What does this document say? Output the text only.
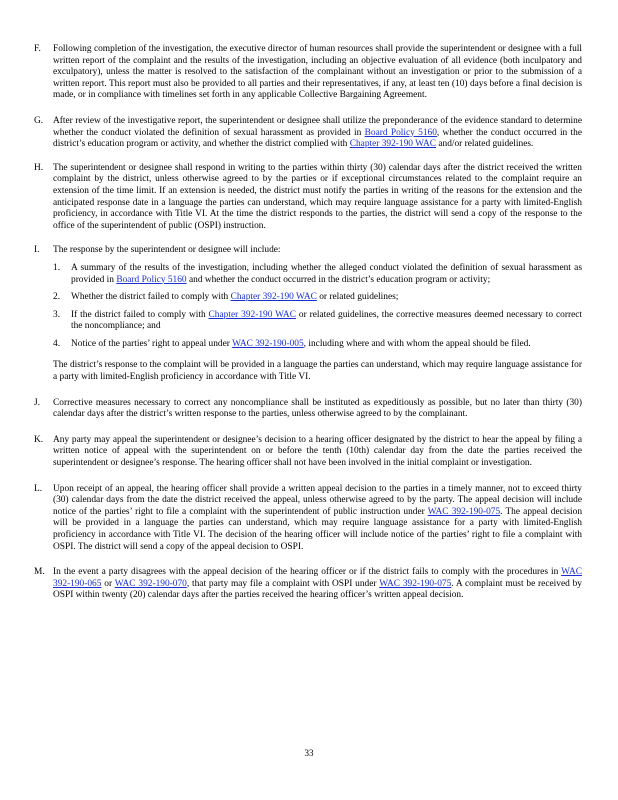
F.	Following completion of the investigation, the executive director of human resources shall provide the superintendent or designee with a full written report of the complaint and the results of the investigation, including an objective evaluation of all evidence (both inculpatory and exculpatory), unless the matter is resolved to the satisfaction of the complainant without an investigation or prior to the submission of a written report. This report must also be provided to all parties and their representatives, if any, at least ten (10) days before a final decision is made, or in compliance with timelines set forth in any applicable Collective Bargaining Agreement.
G.	After review of the investigative report, the superintendent or designee shall utilize the preponderance of the evidence standard to determine whether the conduct violated the definition of sexual harassment as provided in Board Policy 5160, whether the conduct occurred in the district’s education program or activity, and whether the district complied with Chapter 392-190 WAC and/or related guidelines.
H.	The superintendent or designee shall respond in writing to the parties within thirty (30) calendar days after the district received the written complaint by the district, unless otherwise agreed to by the parties or if exceptional circumstances related to the complaint require an extension of the time limit. If an extension is needed, the district must notify the parties in writing of the reasons for the extension and the anticipated response date in a language the parties can understand, which may require language assistance for a party with limited-English proficiency, in accordance with Title VI. At the time the district responds to the parties, the district will send a copy of the response to the office of the superintendent of public (OSPI) instruction.
I.	The response by the superintendent or designee will include:
1.	A summary of the results of the investigation, including whether the alleged conduct violated the definition of sexual harassment as provided in Board Policy 5160 and whether the conduct occurred in the district’s education program or activity;
2.	Whether the district failed to comply with Chapter 392-190 WAC or related guidelines;
3.	If the district failed to comply with Chapter 392-190 WAC or related guidelines, the corrective measures deemed necessary to correct the noncompliance; and
4.	Notice of the parties’ right to appeal under WAC 392-190-005, including where and with whom the appeal should be filed.
The district’s response to the complaint will be provided in a language the parties can understand, which may require language assistance for a party with limited-English proficiency in accordance with Title VI.
J.	Corrective measures necessary to correct any noncompliance shall be instituted as expeditiously as possible, but no later than thirty (30) calendar days after the district’s written response to the parties, unless otherwise agreed to by the complainant.
K.	Any party may appeal the superintendent or designee’s decision to a hearing officer designated by the district to hear the appeal by filing a written notice of appeal with the superintendent on or before the tenth (10th) calendar day from the date the parties received the superintendent or designee’s response. The hearing officer shall not have been involved in the initial complaint or investigation.
L.	Upon receipt of an appeal, the hearing officer shall provide a written appeal decision to the parties in a timely manner, not to exceed thirty (30) calendar days from the date the district received the appeal, unless otherwise agreed to by the party. The appeal decision will include notice of the parties’ right to file a complaint with the superintendent of public instruction under WAC 392-190-075. The appeal decision will be provided in a language the parties can understand, which may require language assistance for a party with limited-English proficiency in accordance with Title VI. The decision of the hearing officer will include notice of the parties’ right to file a complaint with OSPI. The district will send a copy of the appeal decision to OSPI.
M. In the event a party disagrees with the appeal decision of the hearing officer or if the district fails to comply with the procedures in WAC 392-190-065 or WAC 392-190-070, that party may file a complaint with OSPI under WAC 392-190-075. A complaint must be received by OSPI within twenty (20) calendar days after the parties received the hearing officer’s written appeal decision.
33
